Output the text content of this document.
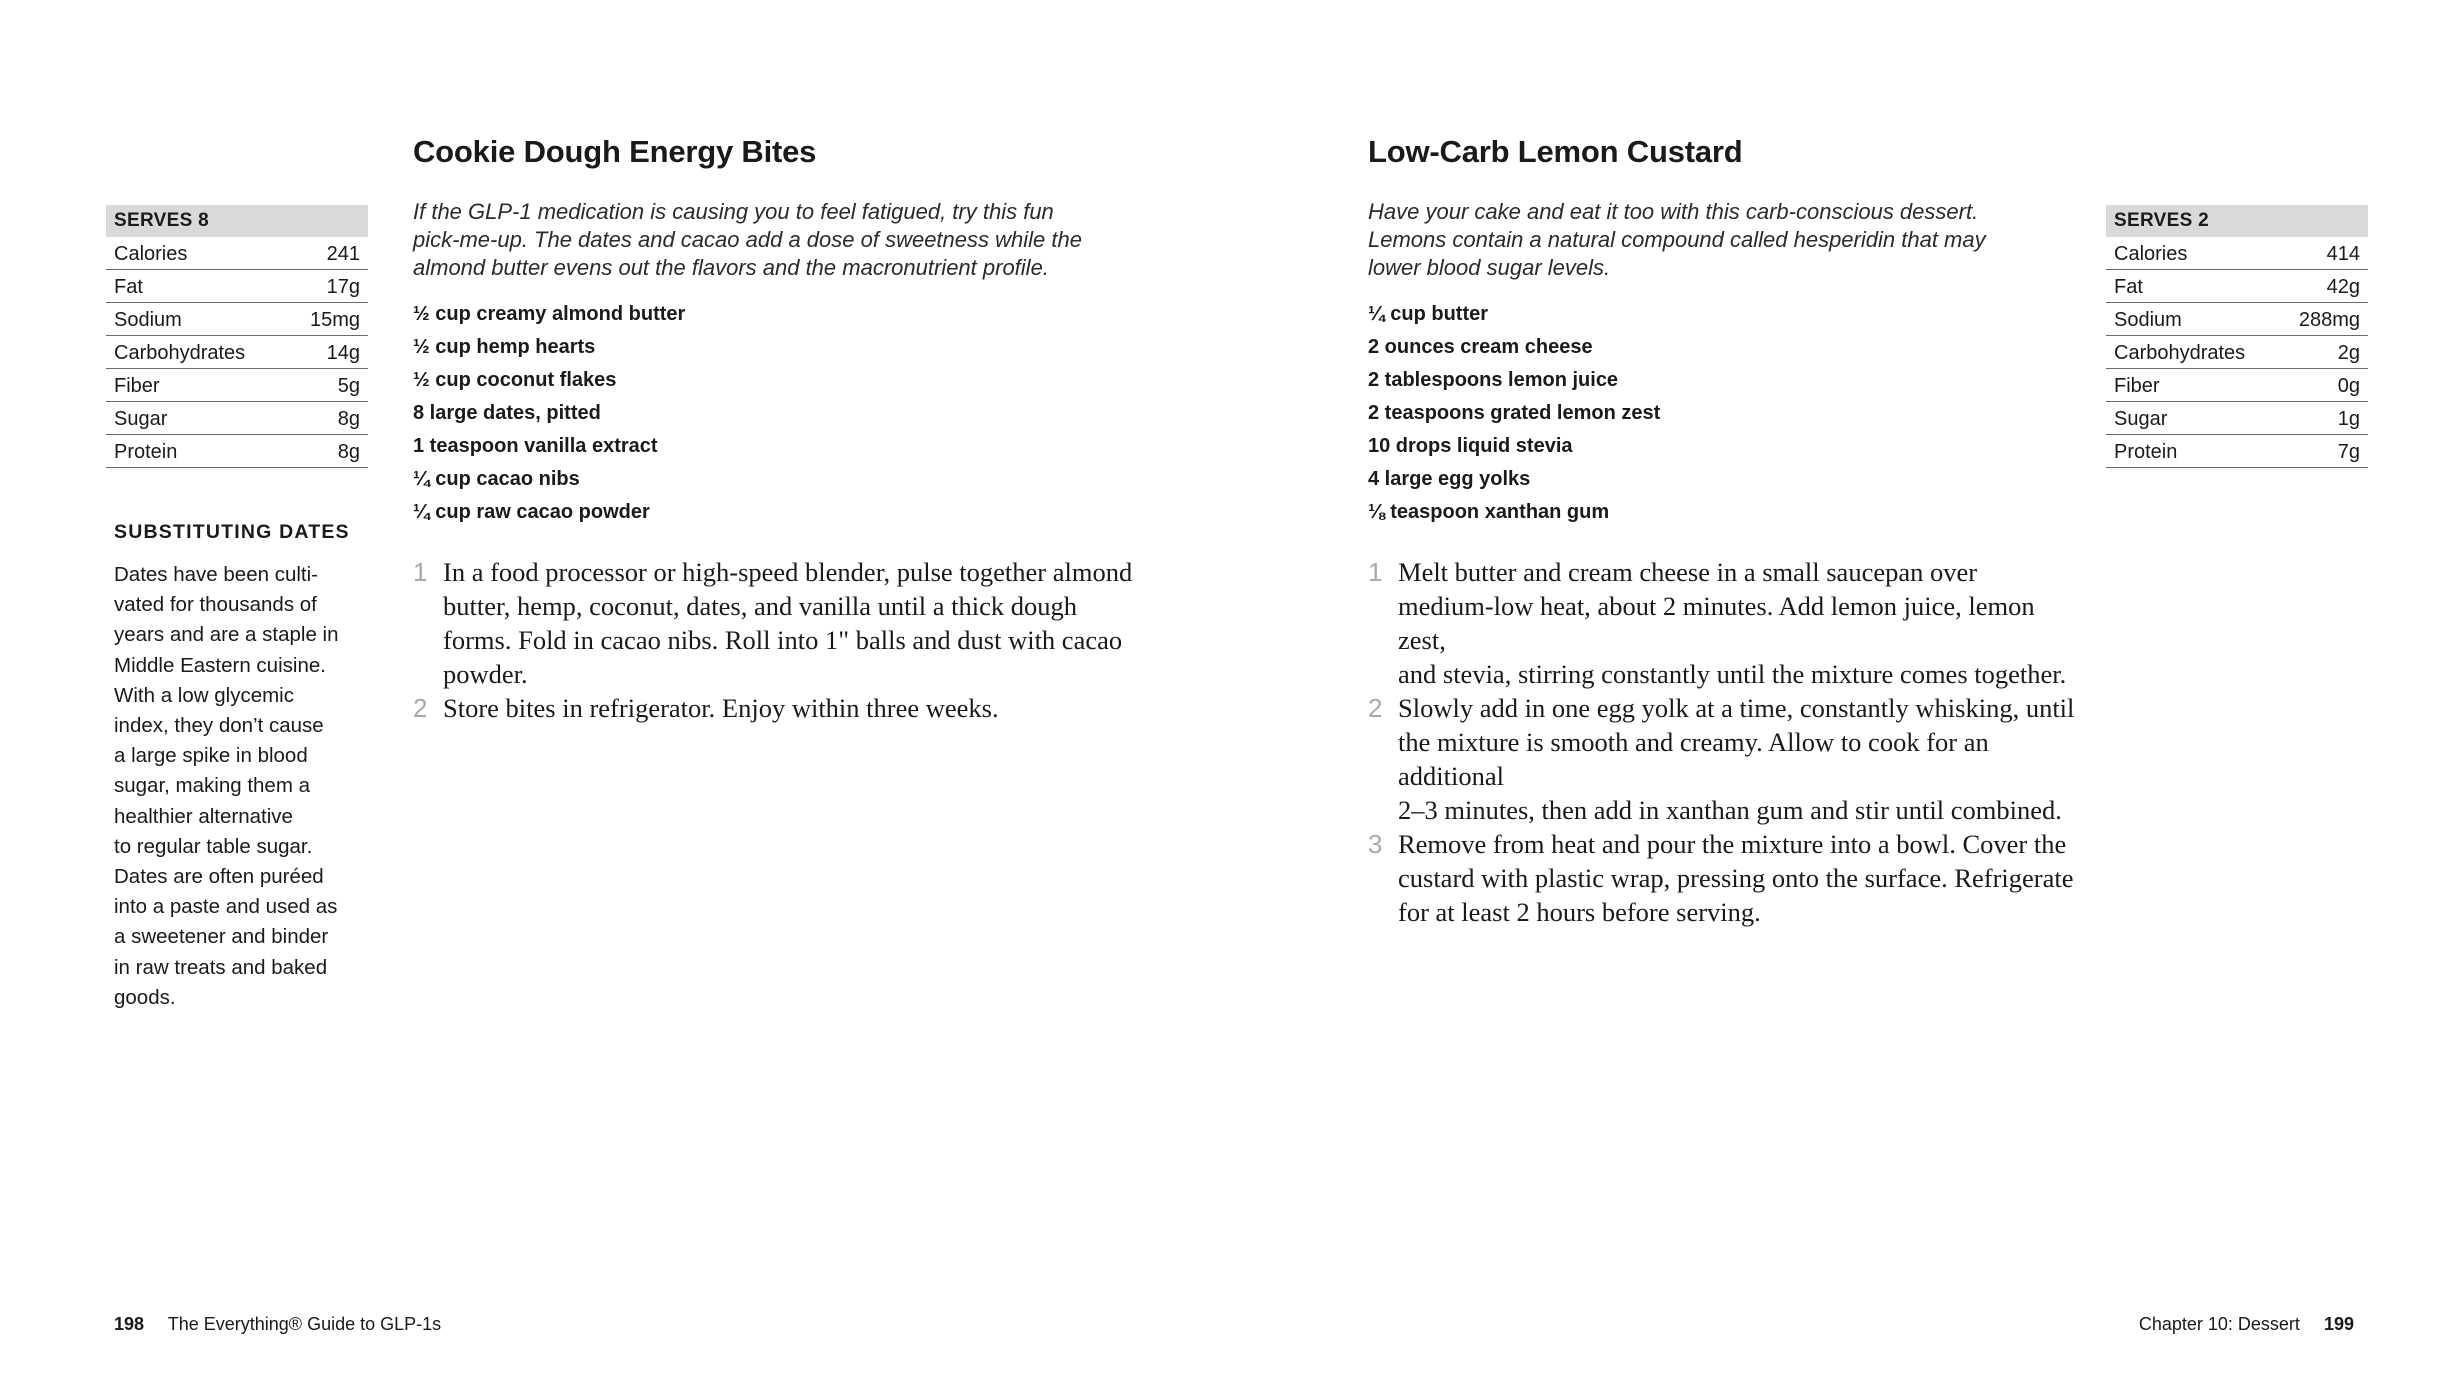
SERVES 8
Calories	241
Fat	17g
Sodium	15mg
Carbohydrates	14g
Fiber	5g
Sugar	8g
Protein	8g
SUBSTITUTING DATES
Dates have been culti-
vated for thousands of
years and are a staple in
Middle Eastern cuisine.
With a low glycemic
index, they don’t cause
a large spike in blood
sugar, making them a
healthier alternative
to regular table sugar.
Dates are often puréed
into a paste and used as
a sweetener and binder
in raw treats and baked
goods.
Cookie Dough Energy Bites
If the GLP-1 medication is causing you to feel fatigued, try this fun
pick-me-up. The dates and cacao add a dose of sweetness while the
almond butter evens out the flavors and the macronutrient profile.
½ cup creamy almond butter
½ cup hemp hearts
½ cup coconut flakes
8 large dates, pitted
1 teaspoon vanilla extract
¼ cup cacao nibs
¼ cup raw cacao powder
1 In a food processor or high-speed blender, pulse together almond
butter, hemp, coconut, dates, and vanilla until a thick dough
forms. Fold in cacao nibs. Roll into 1" balls and dust with cacao
powder.
2 Store bites in refrigerator. Enjoy within three weeks.
198 The Everything® Guide to GLP-1s
Low-Carb Lemon Custard
Have your cake and eat it too with this carb-conscious dessert.
Lemons contain a natural compound called hesperidin that may
lower blood sugar levels.
¼ cup butter
2 ounces cream cheese
2 tablespoons lemon juice
2 teaspoons grated lemon zest
10 drops liquid stevia
4 large egg yolks
⅛ teaspoon xanthan gum
1 Melt butter and cream cheese in a small saucepan over
medium-low heat, about 2 minutes. Add lemon juice, lemon zest,
and stevia, stirring constantly until the mixture comes together.
2 Slowly add in one egg yolk at a time, constantly whisking, until
the mixture is smooth and creamy. Allow to cook for an additional
2–3 minutes, then add in xanthan gum and stir until combined.
3 Remove from heat and pour the mixture into a bowl. Cover the
custard with plastic wrap, pressing onto the surface. Refrigerate
for at least 2 hours before serving.
SERVES 2
Calories	414
Fat	42g
Sodium	288mg
Carbohydrates	2g
Fiber	0g
Sugar	1g
Protein	7g
Chapter 10: Dessert 199
